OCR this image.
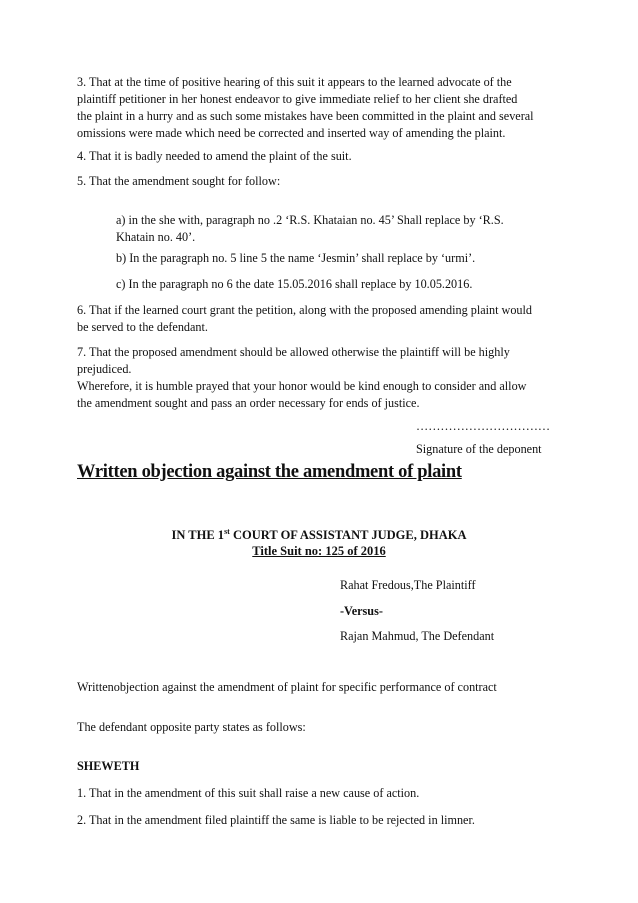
3. That at the time of positive hearing of this suit it appears to the learned advocate of the
plaintiff petitioner in her honest endeavor to give immediate relief to her client she drafted
the plaint in a hurry and as such some mistakes have been committed in the plaint and several
omissions were made which need be corrected and inserted way of amending the plaint.
4. That it is badly needed to amend the plaint of the suit.
5. That the amendment sought for follow:
a) in the she with, paragraph no .2 ‘R.S. Khataian no. 45’ Shall replace by ‘R.S.
Khatain no. 40’.
b) In the paragraph no. 5 line 5 the name ‘Jesmin’ shall replace by ‘urmi’.
c) In the paragraph no 6 the date 15.05.2016 shall replace by 10.05.2016.
6. That if the learned court grant the petition, along with the proposed amending plaint would
be served to the defendant.
7. That the proposed amendment should be allowed otherwise the plaintiff will be highly
prejudiced.
Wherefore, it is humble prayed that your honor would be kind enough to consider and allow
the amendment sought and pass an order necessary for ends of justice.
……………………………
Signature of the deponent
Written objection against the amendment of plaint
IN THE 1st COURT OF ASSISTANT JUDGE, DHAKA
Title Suit no: 125 of 2016
Rahat Fredous,The Plaintiff
-Versus-
Rajan Mahmud, The Defendant
Writtenobjection against the amendment of plaint for specific performance of contract
The defendant opposite party states as follows:
SHEWETH
1. That in the amendment of this suit shall raise a new cause of action.
2. That in the amendment filed plaintiff the same is liable to be rejected in limner.
